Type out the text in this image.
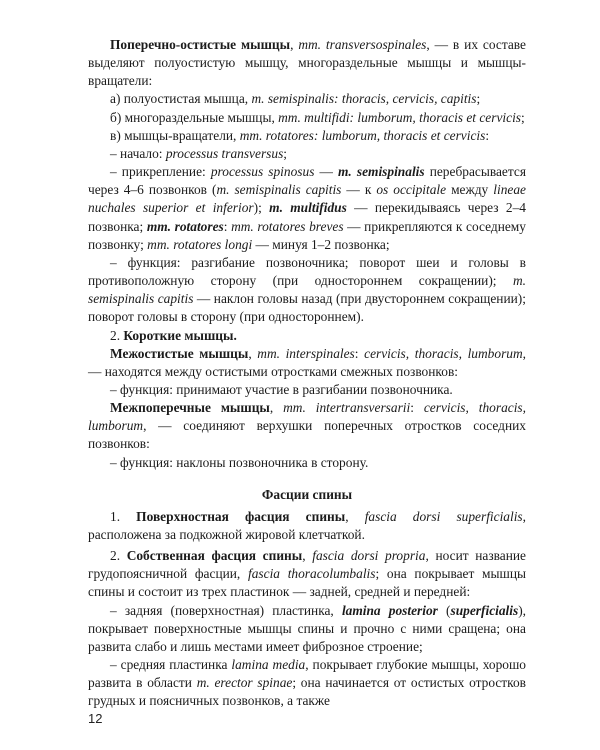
Поперечно-остистые мышцы, mm. transversospinales, — в их составе выделяют полуостистую мышцу, многораздельные мышцы и мышцы-вращатели:

а) полуостистая мышца, m. semispinalis: thoracis, cervicis, capitis;

б) многораздельные мышцы, mm. multifidi: lumborum, thoracis et cervicis;

в) мышцы-вращатели, mm. rotatores: lumborum, thoracis et cervicis:

– начало: processus transversus;

– прикрепление: processus spinosus — m. semispinalis перебрасывается через 4–6 позвонков (m. semispinalis capitis — к os occipitale между lineae nuchales superior et inferior); m. multifidus — перекидываясь через 2–4 позвонка; mm. rotatores: mm. rotatores breves — прикрепляются к соседнему позвонку; mm. rotatores longi — минуя 1–2 позвонка;

– функция: разгибание позвоночника; поворот шеи и головы в противоположную сторону (при одностороннем сокращении); m. semispinalis capitis — наклон головы назад (при двустороннем сокращении); поворот головы в сторону (при одностороннем).

2. Короткие мышцы.

Межостистые мышцы, mm. interspinales: cervicis, thoracis, lumborum, — находятся между остистыми отростками смежных позвонков:

– функция: принимают участие в разгибании позвоночника.

Межпоперечные мышцы, mm. intertransversarii: cervicis, thoracis, lumborum, — соединяют верхушки поперечных отростков соседних позвонков:

– функция: наклоны позвоночника в сторону.

Фасции спины

1. Поверхностная фасция спины, fascia dorsi superficialis, расположена за подкожной жировой клетчаткой.

2. Собственная фасция спины, fascia dorsi propria, носит название грудопоясничной фасции, fascia thoracolumbalis; она покрывает мышцы спины и состоит из трех пластинок — задней, средней и передней:

– задняя (поверхностная) пластинка, lamina posterior (superficialis), покрывает поверхностные мышцы спины и прочно с ними сращена; она развита слабо и лишь местами имеет фиброзное строение;

– средняя пластинка lamina media, покрывает глубокие мышцы, хорошо развита в области m. erector spinae; она начинается от остистых отростков грудных и поясничных позвонков, а также

12
